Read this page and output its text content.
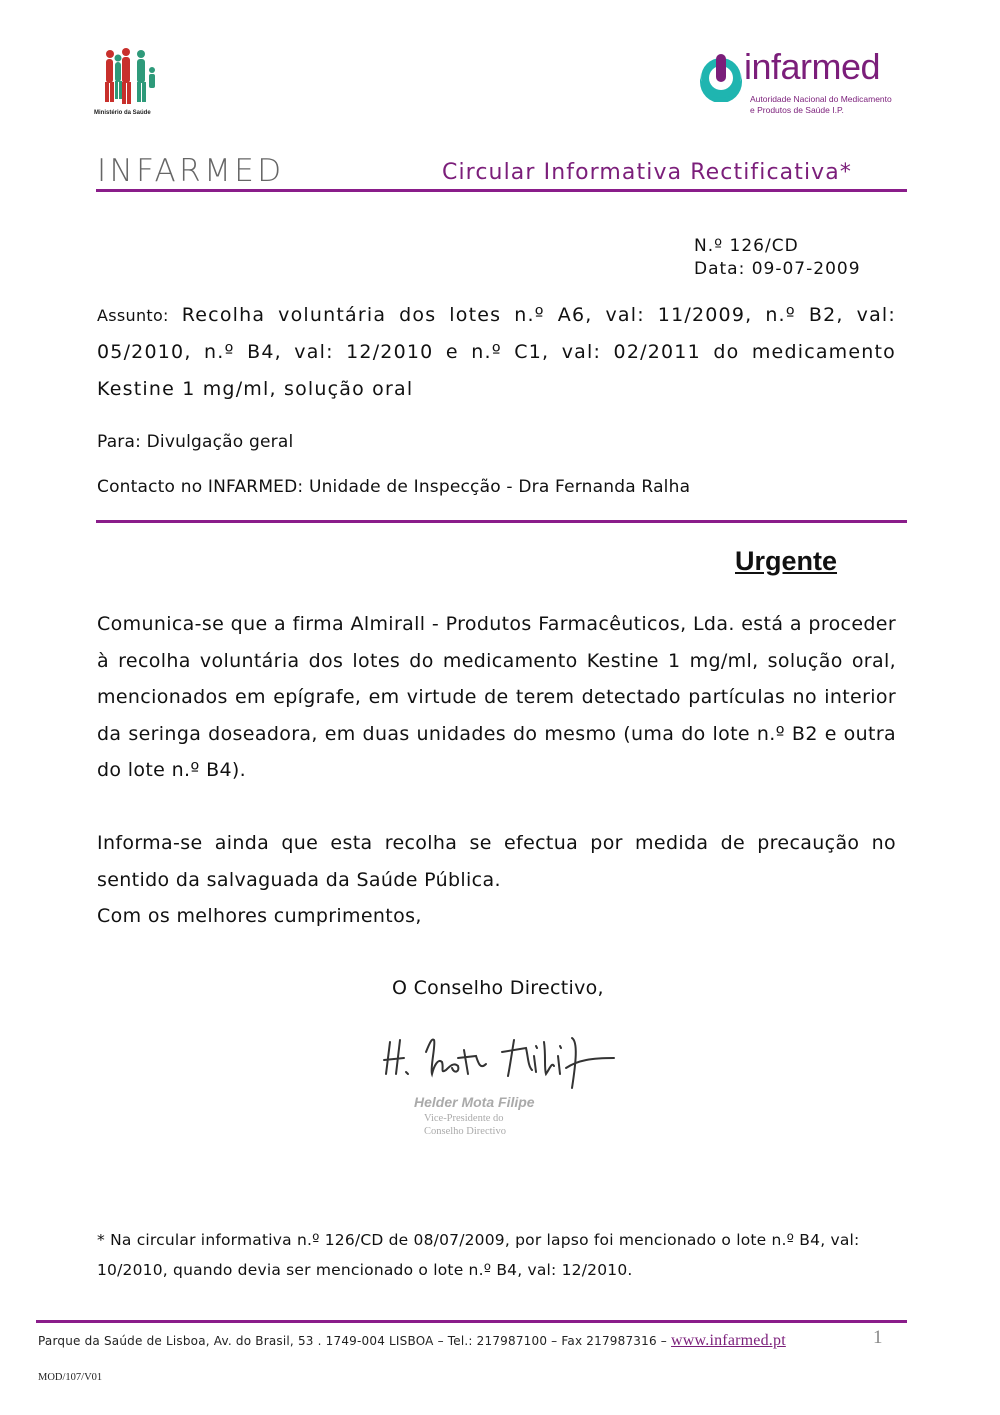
Ministério da Saúde
infarmed
Autoridade Nacional do Medicamento
e Produtos de Saúde I.P.
INFARMED	Circular Informativa Rectificativa*
N.º 126/CD
Data: 09-07-2009
Assunto: Recolha voluntária dos lotes n.º A6, val: 11/2009, n.º B2, val: 05/2010, n.º B4, val: 12/2010 e n.º C1, val: 02/2011 do medicamento Kestine 1 mg/ml, solução oral
Para: Divulgação geral
Contacto no INFARMED: Unidade de Inspecção - Dra Fernanda Ralha
Urgente
Comunica-se que a firma Almirall - Produtos Farmacêuticos, Lda. está a proceder à recolha voluntária dos lotes do medicamento Kestine 1 mg/ml, solução oral, mencionados em epígrafe, em virtude de terem detectado partículas no interior da seringa doseadora, em duas unidades do mesmo (uma do lote n.º B2 e outra do lote n.º B4).
Informa-se ainda que esta recolha se efectua por medida de precaução no sentido da salvaguada da Saúde Pública.
Com os melhores cumprimentos,
O Conselho Directivo,
Helder Mota Filipe
Vice-Presidente do
Conselho Directivo
* Na circular informativa n.º 126/CD de 08/07/2009, por lapso foi mencionado o lote n.º B4, val: 10/2010, quando devia ser mencionado o lote n.º B4, val: 12/2010.
Parque da Saúde de Lisboa, Av. do Brasil, 53 . 1749-004 LISBOA – Tel.: 217987100 – Fax 217987316 – www.infarmed.pt	1
MOD/107/V01
